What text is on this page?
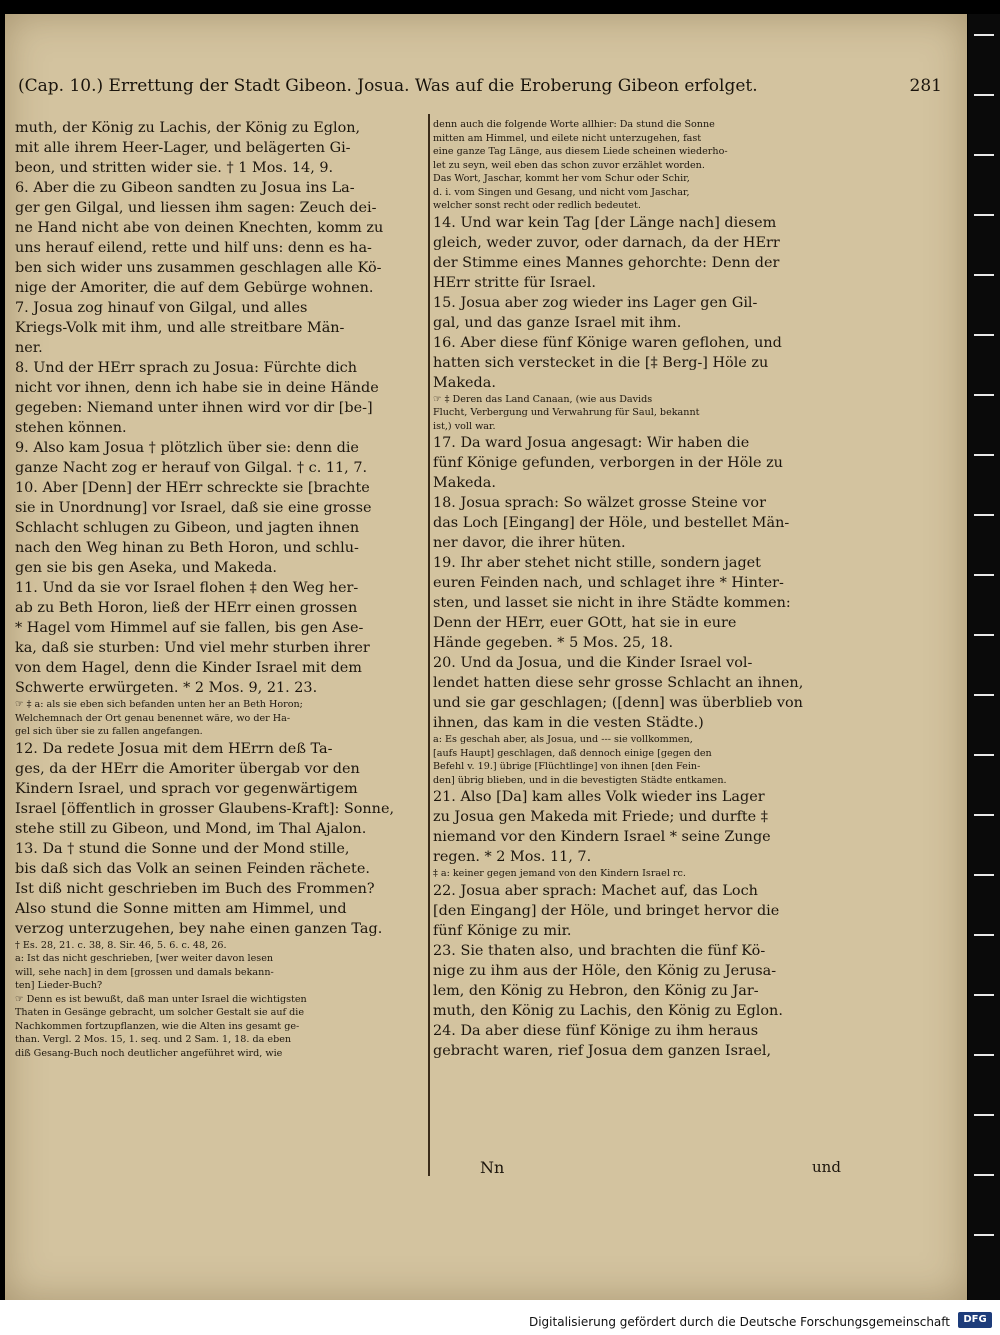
(Cap. 10.) Errettung der Stadt Gibeon. Josua. Was auf die Eroberung Gibeon erfolget.	281
muth, der König zu Lachis, der König zu Eglon,
mit alle ihrem Heer-Lager, und belägerten Gi-
beon, und stritten wider sie. † 1 Mos. 14, 9.
6. Aber die zu Gibeon sandten zu Josua ins La-
ger gen Gilgal, und liessen ihm sagen: Zeuch dei-
ne Hand nicht abe von deinen Knechten, komm zu
uns herauf eilend, rette und hilf uns: denn es ha-
ben sich wider uns zusammen geschlagen alle Kö-
nige der Amoriter, die auf dem Gebürge wohnen.
7. Josua zog hinauf von Gilgal, und alles
Kriegs-Volk mit ihm, und alle streitbare Män-
ner.
8. Und der HErr sprach zu Josua: Fürchte dich
nicht vor ihnen, denn ich habe sie in deine Hände
gegeben: Niemand unter ihnen wird vor dir [be-]
stehen können.
9. Also kam Josua † plötzlich über sie: denn die
ganze Nacht zog er herauf von Gilgal. † c. 11, 7.
10. Aber [Denn] der HErr schreckte sie [brachte
sie in Unordnung] vor Israel, daß sie eine grosse
Schlacht schlugen zu Gibeon, und jagten ihnen
nach den Weg hinan zu Beth Horon, und schlu-
gen sie bis gen Aseka, und Makeda.
11. Und da sie vor Israel flohen ‡ den Weg her-
ab zu Beth Horon, ließ der HErr einen grossen
* Hagel vom Himmel auf sie fallen, bis gen Ase-
ka, daß sie sturben: Und viel mehr sturben ihrer
von dem Hagel, denn die Kinder Israel mit dem
Schwerte erwürgeten. * 2 Mos. 9, 21. 23.
☞ ‡ a: als sie eben sich befanden unten her an Beth Horon;
Welchemnach der Ort genau benennet wäre, wo der Ha-
gel sich über sie zu fallen angefangen.
12. Da redete Josua mit dem HErrn deß Ta-
ges, da der HErr die Amoriter übergab vor den
Kindern Israel, und sprach vor gegenwärtigem
Israel [öffentlich in grosser Glaubens-Kraft]: Sonne,
stehe still zu Gibeon, und Mond, im Thal Ajalon.
13. Da † stund die Sonne und der Mond stille,
bis daß sich das Volk an seinen Feinden rächete.
Ist diß nicht geschrieben im Buch des Frommen?
Also stund die Sonne mitten am Himmel, und
verzog unterzugehen, bey nahe einen ganzen Tag.
† Es. 28, 21. c. 38, 8. Sir. 46, 5. 6. c. 48, 26.
a: Ist das nicht geschrieben, [wer weiter davon lesen
will, sehe nach] in dem [grossen und damals bekann-
ten] Lieder-Buch?
☞ Denn es ist bewußt, daß man unter Israel die wichtigsten
Thaten in Gesänge gebracht, um solcher Gestalt sie auf die
Nachkommen fortzupflanzen, wie die Alten ins gesamt ge-
than. Vergl. 2 Mos. 15, 1. seq. und 2 Sam. 1, 18. da eben
diß Gesang-Buch noch deutlicher angeführet wird, wie
denn auch die folgende Worte allhier: Da stund die Sonne
mitten am Himmel, und eilete nicht unterzugehen, fast
eine ganze Tag Länge, aus diesem Liede scheinen wiederho-
let zu seyn, weil eben das schon zuvor erzählet worden.
Das Wort, Jaschar, kommt her vom Schur oder Schir,
d. i. vom Singen und Gesang, und nicht vom Jaschar,
welcher sonst recht oder redlich bedeutet.
14. Und war kein Tag [der Länge nach] diesem
gleich, weder zuvor, oder darnach, da der HErr
der Stimme eines Mannes gehorchte: Denn der
HErr stritte für Israel.
15. Josua aber zog wieder ins Lager gen Gil-
gal, und das ganze Israel mit ihm.
16. Aber diese fünf Könige waren geflohen, und
hatten sich verstecket in die [‡ Berg-] Höle zu
Makeda.
☞ ‡ Deren das Land Canaan, (wie aus Davids
Flucht, Verbergung und Verwahrung für Saul, bekannt
ist,) voll war.
17. Da ward Josua angesagt: Wir haben die
fünf Könige gefunden, verborgen in der Höle zu
Makeda.
18. Josua sprach: So wälzet grosse Steine vor
das Loch [Eingang] der Höle, und bestellet Män-
ner davor, die ihrer hüten.
19. Ihr aber stehet nicht stille, sondern jaget
euren Feinden nach, und schlaget ihre * Hinter-
sten, und lasset sie nicht in ihre Städte kommen:
Denn der HErr, euer GOtt, hat sie in eure
Hände gegeben. * 5 Mos. 25, 18.
20. Und da Josua, und die Kinder Israel vol-
lendet hatten diese sehr grosse Schlacht an ihnen,
und sie gar geschlagen; ([denn] was überblieb von
ihnen, das kam in die vesten Städte.)
a: Es geschah aber, als Josua, und --- sie vollkommen,
[aufs Haupt] geschlagen, daß dennoch einige [gegen den
Befehl v. 19.] übrige [Flüchtlinge] von ihnen [den Fein-
den] übrig blieben, und in die bevestigten Städte entkamen.
21. Also [Da] kam alles Volk wieder ins Lager
zu Josua gen Makeda mit Friede; und durfte ‡
niemand vor den Kindern Israel * seine Zunge
regen. * 2 Mos. 11, 7.
‡ a: keiner gegen jemand von den Kindern Israel rc.
22. Josua aber sprach: Machet auf, das Loch
[den Eingang] der Höle, und bringet hervor die
fünf Könige zu mir.
23. Sie thaten also, und brachten die fünf Kö-
nige zu ihm aus der Höle, den König zu Jerusa-
lem, den König zu Hebron, den König zu Jar-
muth, den König zu Lachis, den König zu Eglon.
24. Da aber diese fünf Könige zu ihm heraus
gebracht waren, rief Josua dem ganzen Israel,
Nn	und
Digitalisierung gefördert durch die Deutsche Forschungsgemeinschaft	DFG
